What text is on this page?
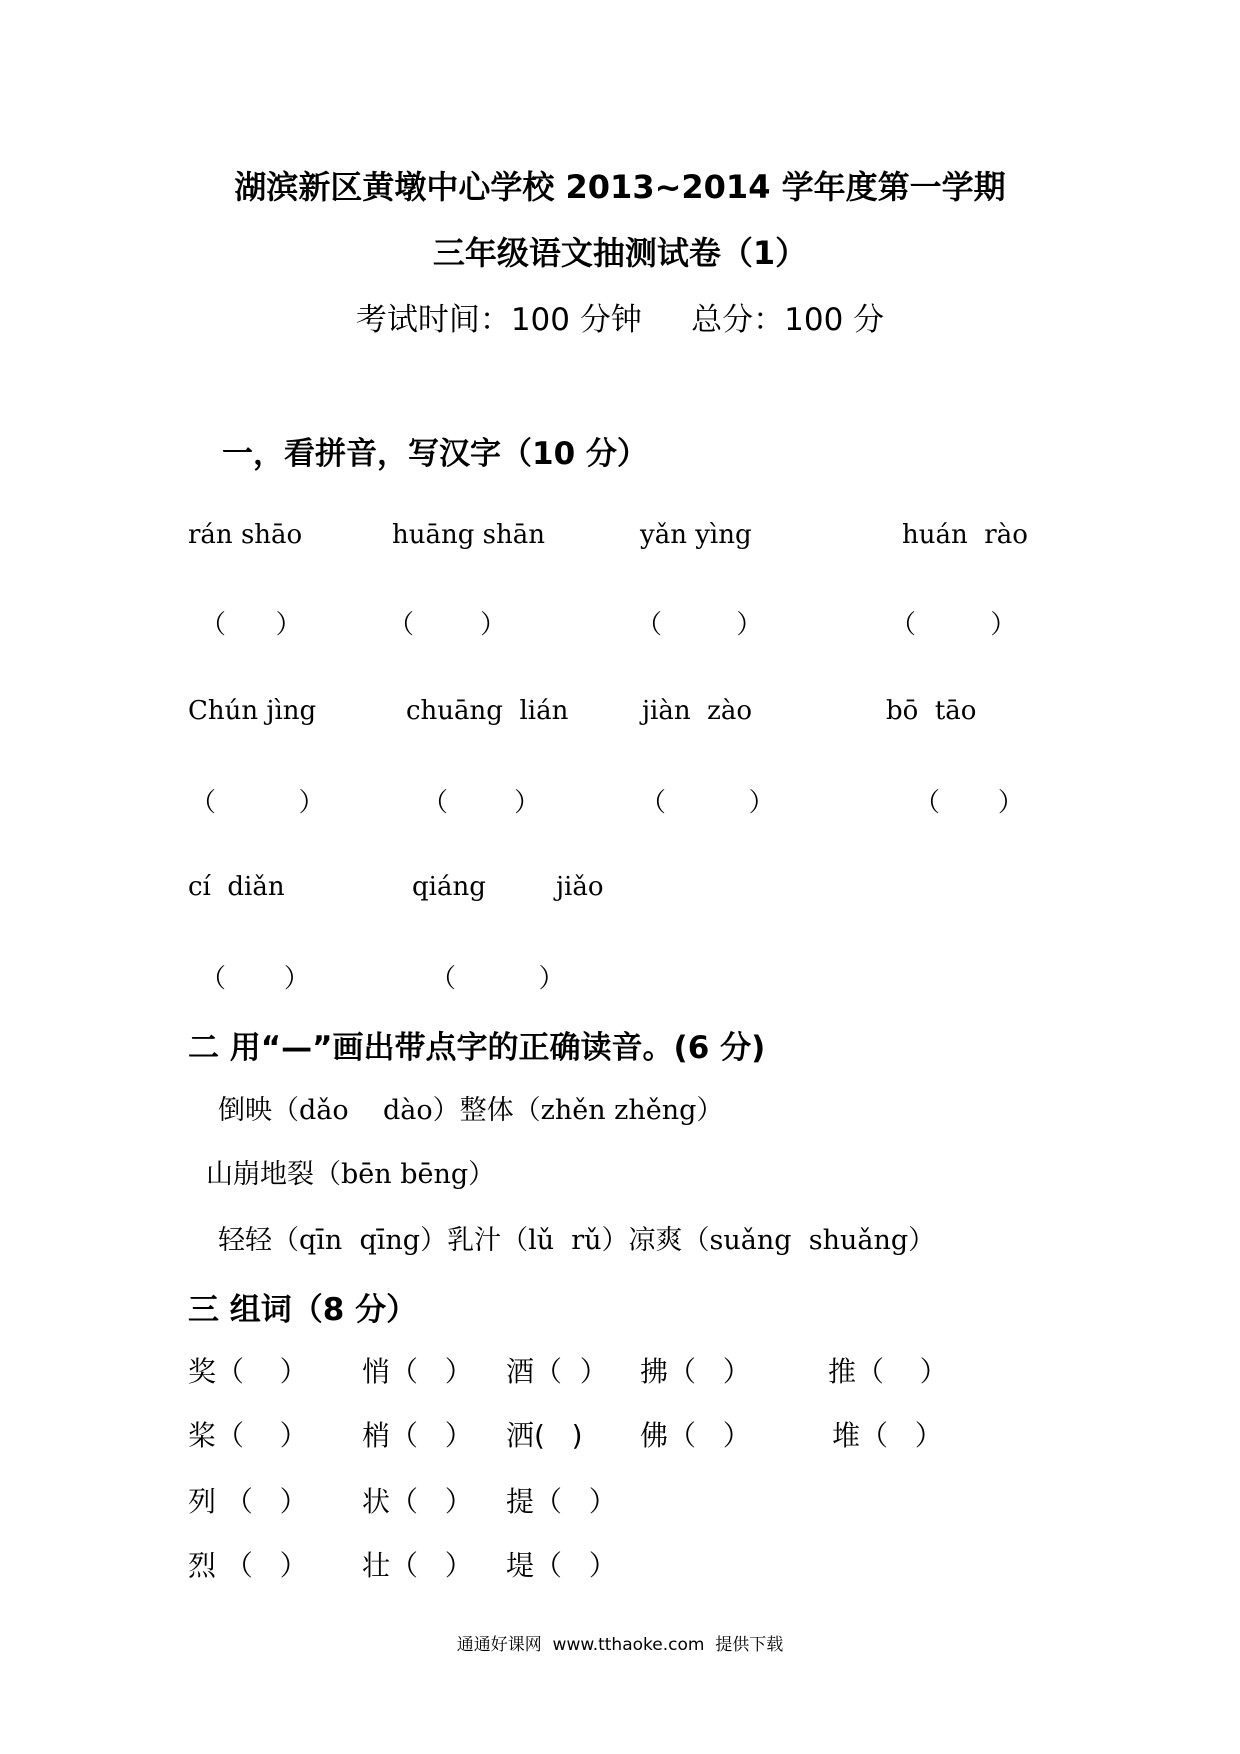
湖滨新区黄墩中心学校 2013~2014 学年度第一学期
三年级语文抽测试卷（1）
考试时间：100 分钟     总分：100 分
一，看拼音，写汉字（10 分）
rán shāo	huāng shān	yǎn yìng	huán  rào
（      ）	（        ）	（         ）	（         ）
Chún jìng	chuāng  lián	jiàn  zào	bō  tāo
（          ）	（        ）	（          ）	（       ）
cí  diǎn	qiáng	jiǎo
（       ）	（          ）
二 用“—”画出带点字的正确读音。(6 分)
倒映（dǎo    dào）整体（zhěn zhěng）
山崩地裂（bēn bēng）
轻轻（qīn  qīng）乳汁（lǔ  rǔ）凉爽（suǎng  shuǎng）
三 组词（8 分）
奖（    ） 悄（   ） 酒（  ） 拂（   ）	推（    ）
桨（    ） 梢（   ） 洒(   ) 佛（   ）	堆（   ）
列 （   ） 状（   ） 提（   ）
烈 （   ） 壮（   ） 堤（   ）
通通好课网  www.tthaoke.com  提供下载
